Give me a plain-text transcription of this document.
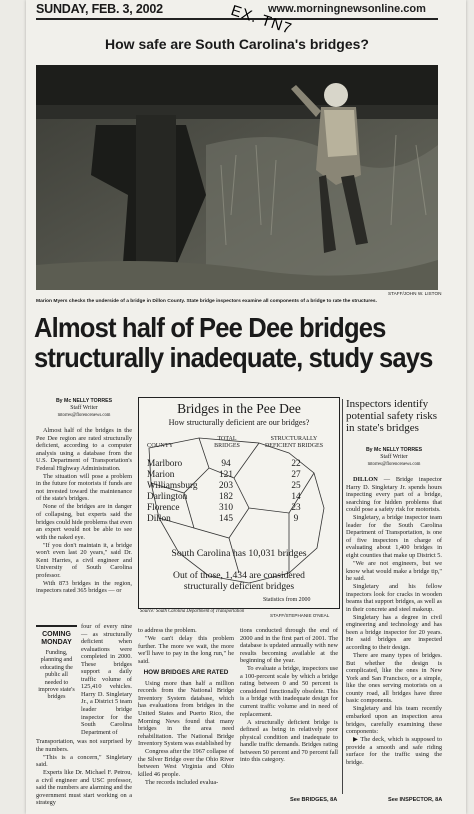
SUNDAY, FEB. 3, 2002	www.morningnewsonline.com
EX. TN7
How safe are South Carolina's bridges?
STAFF/JOHN W. LISTON
Marion Myers checks the underside of a bridge in Dillon County. State bridge inspectors examine all components of a bridge to rate the structures.
Almost half of Pee Dee bridges
structurally inadequate, study says
By Mc NELLY TORRES
Staff Writer
mtorres@florencenews.com

Almost half of the bridges in the Pee Dee region are rated structurally deficient, according to a computer analysis using a database from the U.S. Department of Transportation's Federal Highway Administration.

The situation will pose a problem in the future for motorists if funds are not invested toward the maintenance of the state's bridges.

None of the bridges are in danger of collapsing, but experts said the bridges could hide problems that even an expert would not be able to see with the naked eye.

"If you don't maintain it, a bridge won't even last 20 years," said Dr. Kent Harries, a civil engineer and University of South Carolina professor.

With 873 bridges in the region, inspectors rated 365 bridges — or

COMING
MONDAY
Funding, planning and educating the public all needed to improve state's bridges

four of every nine — as structurally deficient when evaluations were completed in 2000. These bridges support a daily traffic volume of 125,410 vehicles. Harry D. Singletary Jr., a District 5 team leader bridge inspector for the South Carolina Department of

Transportation, was not surprised by the numbers.

"This is a concern," Singletary said.

Experts like Dr. Michael F. Petrou, a civil engineer and USC professor, said the numbers are alarming and the government must start working on a strategy

Bridges in the Pee Dee
How structurally deficient are our bridges?
COUNTY
TOTAL
BRIDGES
STRUCTURALLY
DEFICIENT BRIDGES
Marlboro	94	22
Marion	121	27
Williamsburg	203	25
Darlington	182	14
Florence	310	23
Dillon	145	9
South Carolina has 10,031 bridges
Out of those, 1,434 are considered
structurally deficient bridges
Statistics from 2000
Source: South Carolina Department of Transportation
STAFF/STEPHANIE O'NEAL

to address the problem.

"We can't delay this problem further. The more we wait, the more we'll have to pay in the long run," he said.

HOW BRIDGES ARE RATED

Using more than half a million records from the National Bridge Inventory System database, which has evaluations from bridges in the United States and Puerto Rico, the Morning News found that many bridges in the area need rehabilitation. The National Bridge Inventory System was established by

Congress after the 1967 collapse of the Silver Bridge over the Ohio River between West Virginia and Ohio killed 46 people.

The records included evalua-

tions conducted through the end of 2000 and in the first part of 2001. The database is updated annually with new results becoming available at the beginning of the year.

To evaluate a bridge, inspectors use a 100-percent scale by which a bridge rating between 0 and 50 percent is considered functionally obsolete. This is a bridge with inadequate design for current traffic volume and in need of replacement.

A structurally deficient bridge is defined as being in relatively poor physical condition and inadequate to handle traffic demands. Bridges rating between 50 percent and 70 percent fall into this category.

See BRIDGES, 8A
Inspectors identify
potential safety risks
in state's bridges
By Mc NELLY TORRES
Staff Writer
mtorres@florencenews.com

DILLON — Bridge inspector Harry D. Singletary Jr. spends hours inspecting every part of a bridge, searching for hidden problems that could pose a safety risk for motorists.

Singletary, a bridge inspector team leader for the South Carolina Department of Transportation, is one of five inspectors in charge of evaluating about 1,400 bridges in eight counties that make up District 5.

"We are not engineers, but we know what would make a bridge tip," he said.

Singletary and his fellow inspectors look for cracks in wooden beams that support bridges, as well as in their concrete and steel makeup.

Singletary has a degree in civil engineering and technology and has been a bridge inspector for 20 years. He said bridges are inspected according to their design.

There are many types of bridges. But whether the design is complicated, like the ones in New York and San Francisco, or a simple, like the ones serving motorists on a county road, all bridges have three basic components.

Singletary and his team recently embarked upon an inspection area bridges, carefully examining these components:

▶ The deck, which is supposed to provide a smooth and safe riding surface for the traffic using the bridge.

See INSPECTOR, 8A
